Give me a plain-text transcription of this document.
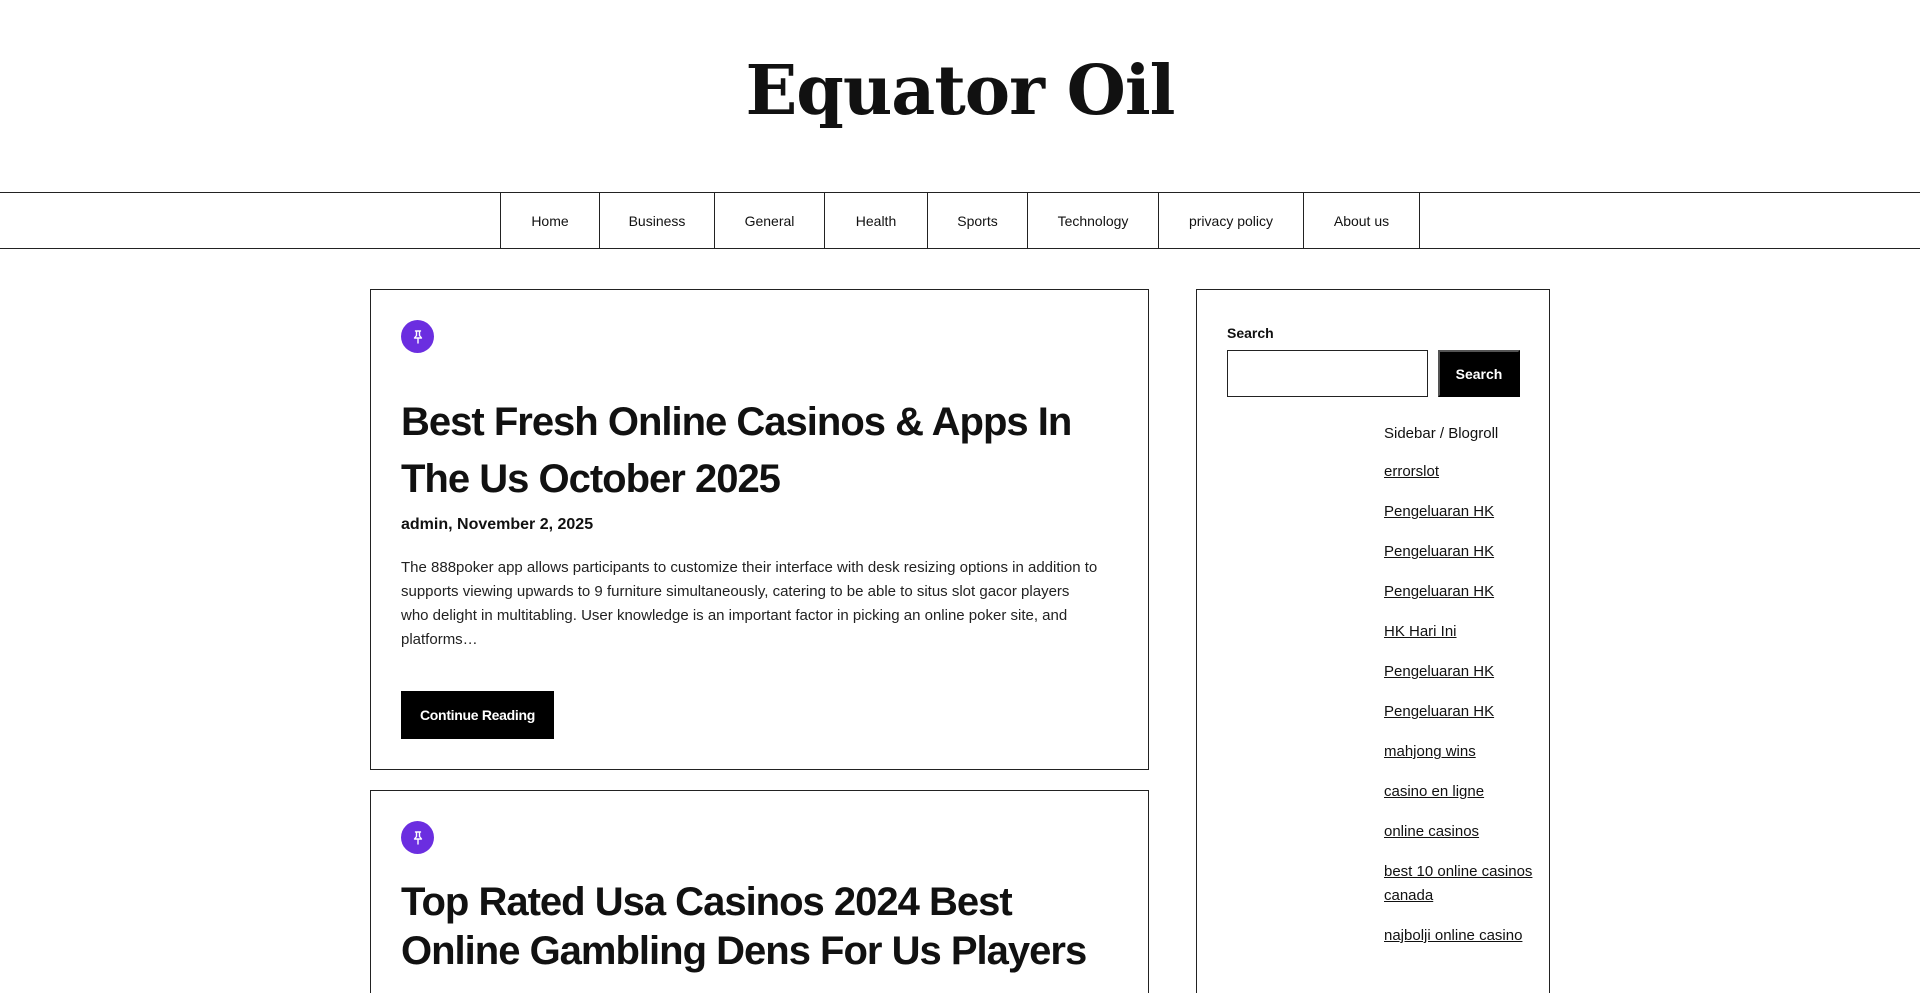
Equator Oil
Home	Business	General	Health	Sports	Technology	privacy policy	About us
Best Fresh Online Casinos & Apps In The Us October 2025
admin, November 2, 2025

The 888poker app allows participants to customize their interface with desk resizing options in addition to supports viewing upwards to 9 furniture simultaneously, catering to be able to situs slot gacor players who delight in multitabling. User knowledge is an important factor in picking an online poker site, and platforms…

Continue Reading
Top Rated Usa Casinos 2024 Best Online Gambling Dens For Us Players
Search
Search
Sidebar / Blogroll
errorslot
Pengeluaran HK
Pengeluaran HK
Pengeluaran HK
HK Hari Ini
Pengeluaran HK
Pengeluaran HK
mahjong wins
casino en ligne
online casinos
best 10 online casinos canada
najbolji online casino
